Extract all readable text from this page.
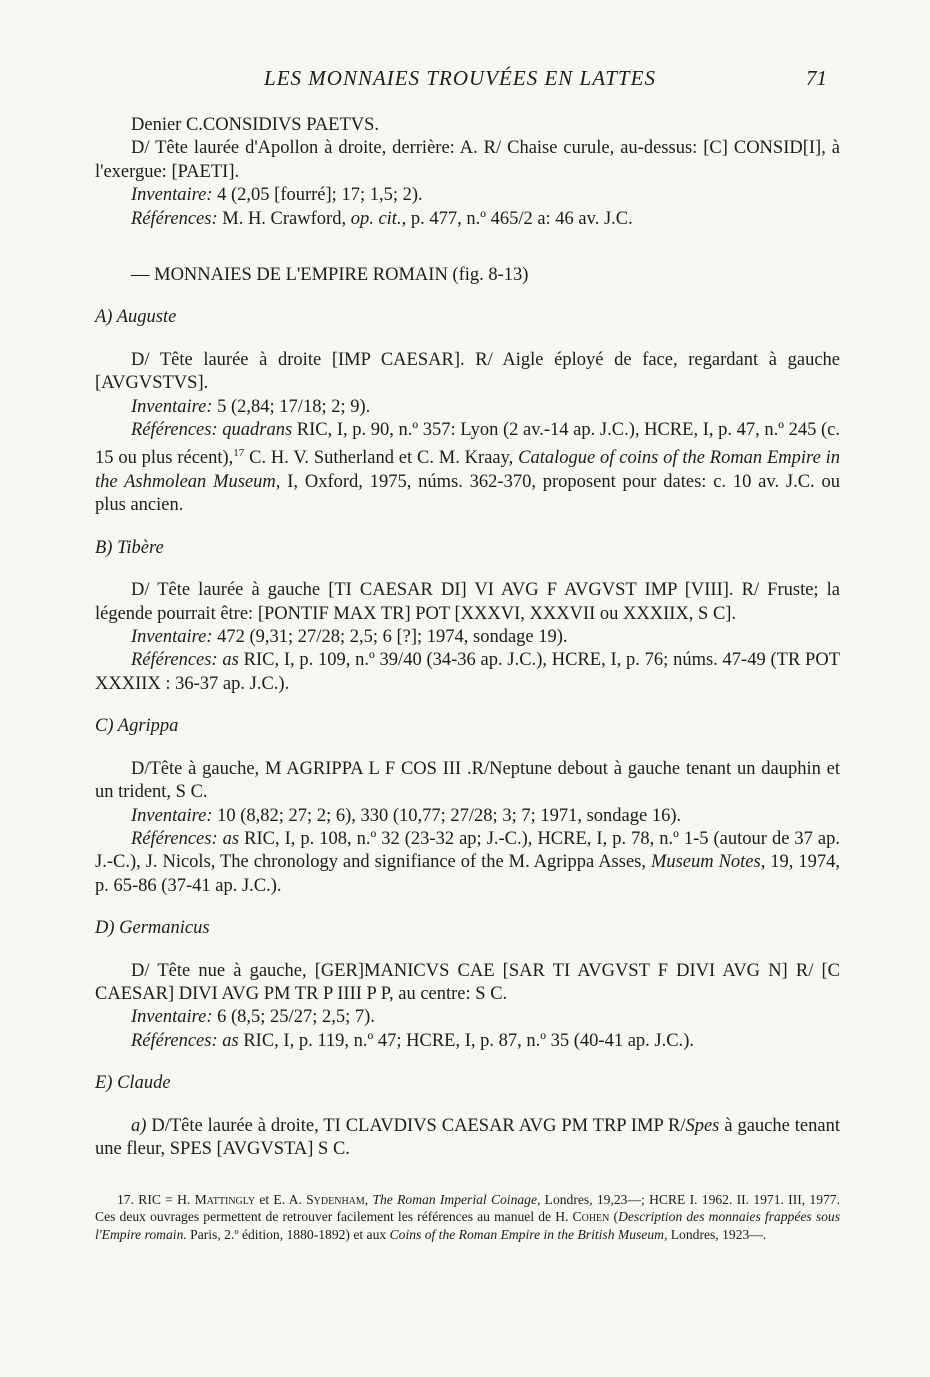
LES MONNAIES TROUVÉES EN LATTES	71

Denier C.CONSIDIVS PAETVS.

D/ Tête laurée d'Apollon à droite, derrière: A. R/ Chaise curule, au-dessus: [C] CONSID[I], à l'exergue: [PAETI].

Inventaire: 4 (2,05 [fourré]; 17; 1,5; 2).

Références: M. H. Crawford, op. cit., p. 477, n.º 465/2 a: 46 av. J.C.

— MONNAIES DE L'EMPIRE ROMAIN (fig. 8-13)

A) Auguste

D/ Tête laurée à droite [IMP CAESAR]. R/ Aigle éployé de face, regardant à gauche [AVGVSTVS].

Inventaire: 5 (2,84; 17/18; 2; 9).

Références: quadrans RIC, I, p. 90, n.º 357: Lyon (2 av.-14 ap. J.C.), HCRE, I, p. 47, n.º 245 (c. 15 ou plus récent),$^{17}$ C. H. V. Sutherland et C. M. Kraay, Catalogue of coins of the Roman Empire in the Ashmolean Museum, I, Oxford, 1975, núms. 362-370, proposent pour dates: c. 10 av. J.C. ou plus ancien.

B) Tibère

D/ Tête laurée à gauche [TI CAESAR DI] VI AVG F AVGVST IMP [VIII]. R/ Fruste; la légende pourrait être: [PONTIF MAX TR] POT [XXXVI, XXXVII ou XXXIIX, S C].

Inventaire: 472 (9,31; 27/28; 2,5; 6 [?]; 1974, sondage 19).

Références: as RIC, I, p. 109, n.º 39/40 (34-36 ap. J.C.), HCRE, I, p. 76; núms. 47-49 (TR POT XXXIIX : 36-37 ap. J.C.).

C) Agrippa

D/Tête à gauche, M AGRIPPA L F COS III .R/Neptune debout à gauche tenant un dauphin et un trident, S C.

Inventaire: 10 (8,82; 27; 2; 6), 330 (10,77; 27/28; 3; 7; 1971, sondage 16).

Références: as RIC, I, p. 108, n.º 32 (23-32 ap; J.-C.), HCRE, I, p. 78, n.º 1-5 (autour de 37 ap. J.-C.), J. Nicols, The chronology and signifiance of the M. Agrippa Asses, Museum Notes, 19, 1974, p. 65-86 (37-41 ap. J.C.).

D) Germanicus

D/ Tête nue à gauche, [GER]MANICVS CAE [SAR TI AVGVST F DIVI AVG N] R/ [C CAESAR] DIVI AVG PM TR P IIII P P, au centre: S C.

Inventaire: 6 (8,5; 25/27; 2,5; 7).

Références: as RIC, I, p. 119, n.º 47; HCRE, I, p. 87, n.º 35 (40-41 ap. J.C.).

E) Claude

a) D/Tête laurée à droite, TI CLAVDIVS CAESAR AVG PM TRP IMP R/Spes à gauche tenant une fleur, SPES [AVGVSTA] S C.

17. RIC = H. Mattingly et E. A. Sydenham, The Roman Imperial Coinage, Londres, 19,23—; HCRE I. 1962. II. 1971. III, 1977. Ces deux ouvrages permettent de retrouver facilement les références au manuel de H. Cohen (Description des monnaies frappées sous l'Empire romain. Paris, 2.º édition, 1880-1892) et aux Coins of the Roman Empire in the British Museum, Londres, 1923—.
